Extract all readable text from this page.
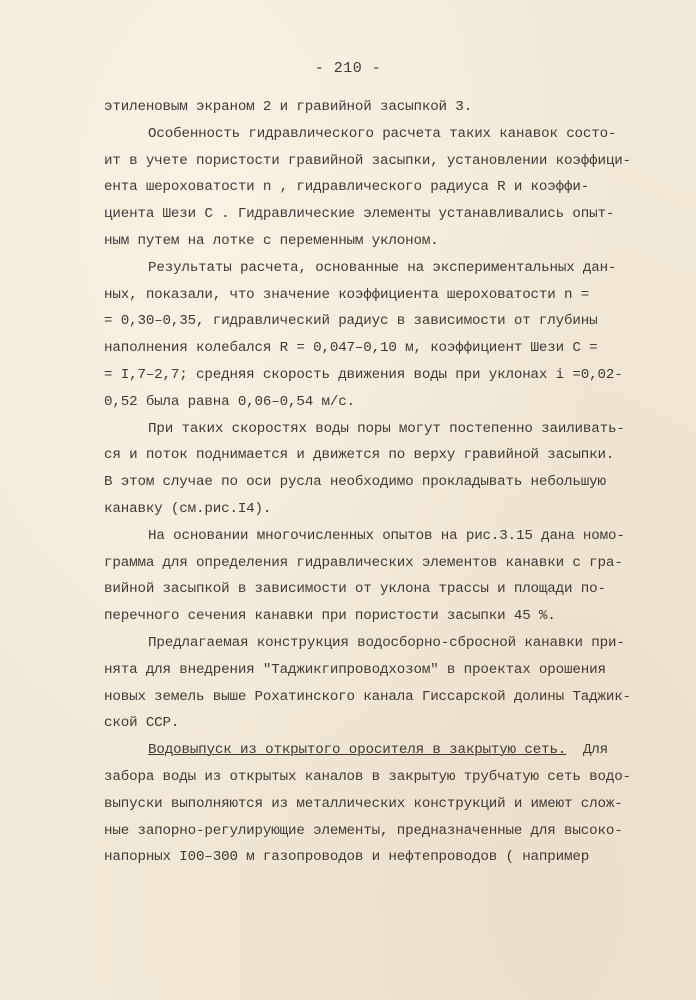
- 210 -
этиленовым экраном 2 и гравийной засыпкой 3.
Особенность гидравлического расчета таких канавок состо-
ит в учете пористости гравийной засыпки, установлении коэффици-
ента шероховатости n , гидравлического радиуса R и коэффи-
циента Шези C . Гидравлические элементы устанавливались опыт-
ным путем на лотке с переменным уклоном.
Результаты расчета, основанные на экспериментальных дан-
ных, показали, что значение коэффициента шероховатости n =
= 0,30–0,35, гидравлический радиус в зависимости от глубины
наполнения колебался R = 0,047–0,10 м, коэффициент Шези C =
= I,7–2,7; средняя скорость движения воды при уклонах i =0,02-
0,52 была равна 0,06–0,54 м/с.
При таких скоростях воды поры могут постепенно заиливать-
ся и поток поднимается и движется по верху гравийной засыпки.
В этом случае по оси русла необходимо прокладывать небольшую
канавку (см.рис.I4).
На основании многочисленных опытов на рис.3.15 дана номо-
грамма для определения гидравлических элементов канавки с гра-
вийной засыпкой в зависимости от уклона трассы и площади по-
перечного сечения канавки при пористости засыпки 45 %.
Предлагаемая конструкция водосборно-сбросной канавки при-
нята для внедрения "Таджикгипроводхозом" в проектах орошения
новых земель выше Рохатинского канала Гиссарской долины Таджик-
ской ССР.
Водовыпуск из открытого оросителя в закрытую сеть. Для
забора воды из открытых каналов в закрытую трубчатую сеть водо-
выпуски выполняются из металлических конструкций и имеют слож-
ные запорно-регулирующие элементы, предназначенные для высоко-
напорных I00–300 м газопроводов и нефтепроводов ( например
